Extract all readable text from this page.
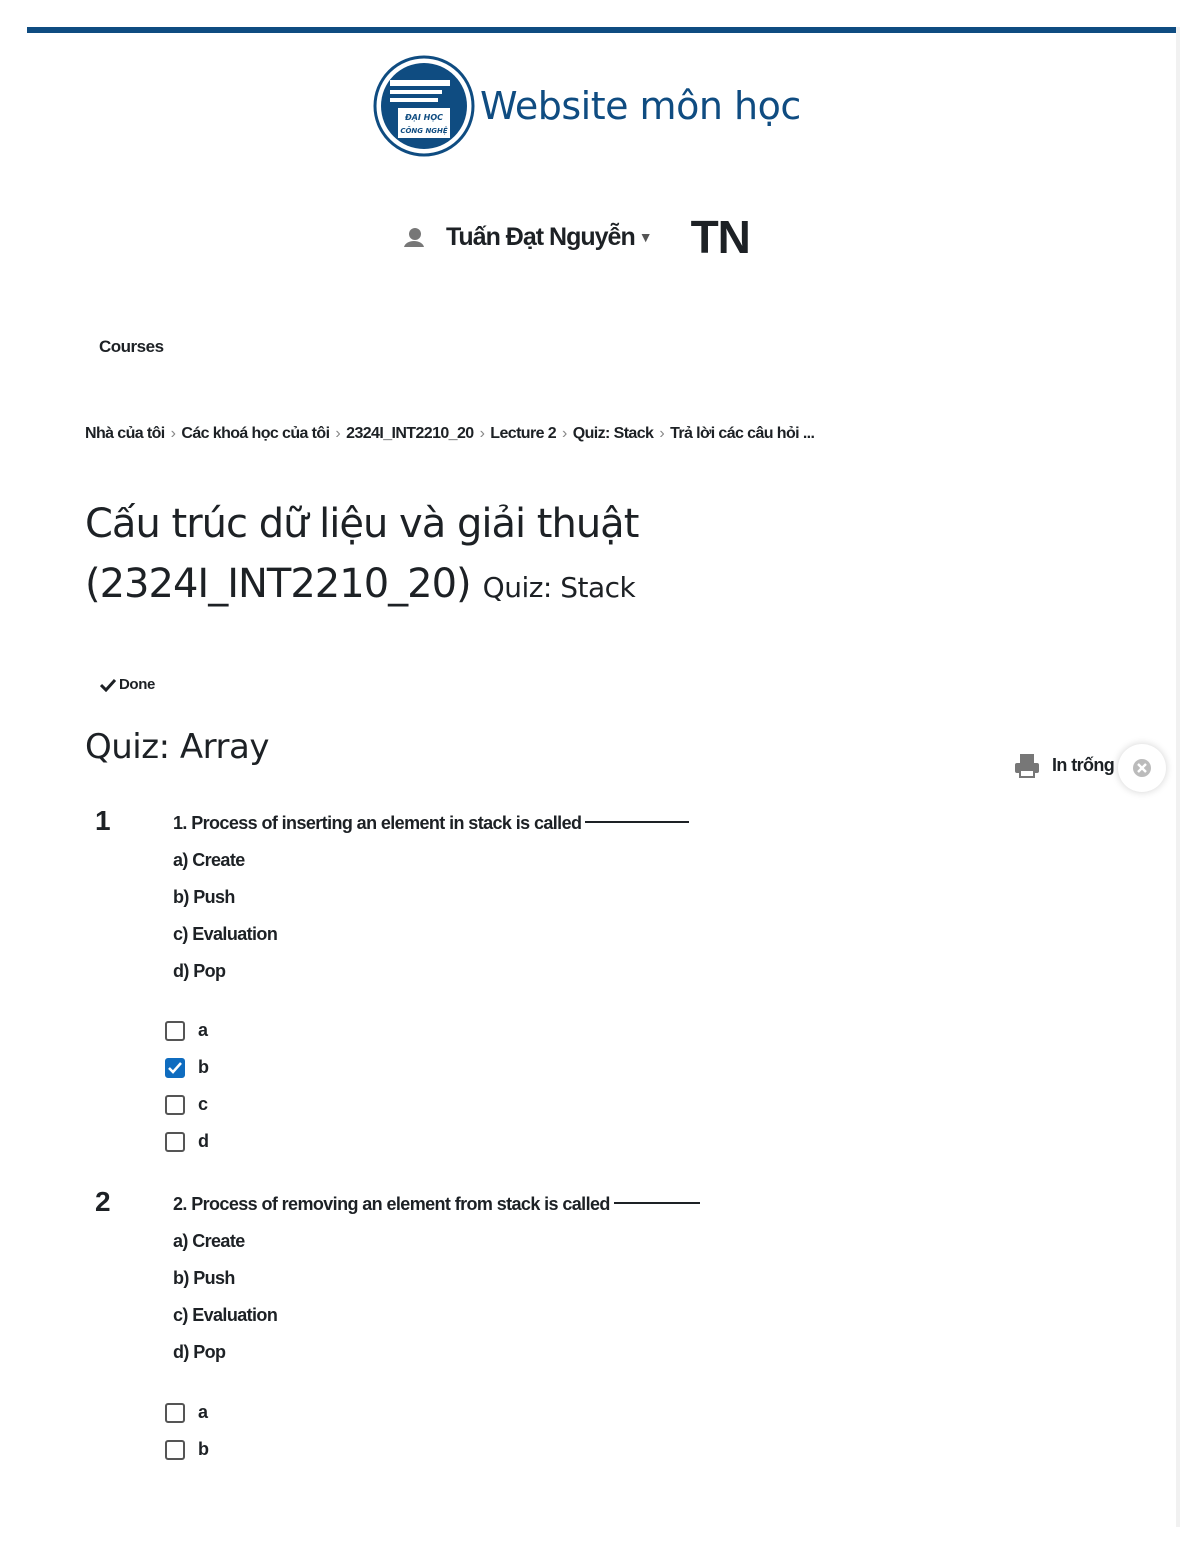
ĐẠI HỌC
CÔNG NGHỆ
Website môn học
Tuấn Đạt Nguyễn ▼ TN
Courses
Nhà của tôi › Các khoá học của tôi › 2324I_INT2210_20 › Lecture 2 › Quiz: Stack › Trả lời các câu hỏi ...
Cấu trúc dữ liệu và giải thuật
(2324I_INT2210_20) Quiz: Stack
Done
Quiz: Array	In trống
1	1. Process of inserting an element in stack is called
a) Create
b) Push
c) Evaluation
d) Pop
a
b
c
d
2	2. Process of removing an element from stack is called
a) Create
b) Push
c) Evaluation
d) Pop
a
b
